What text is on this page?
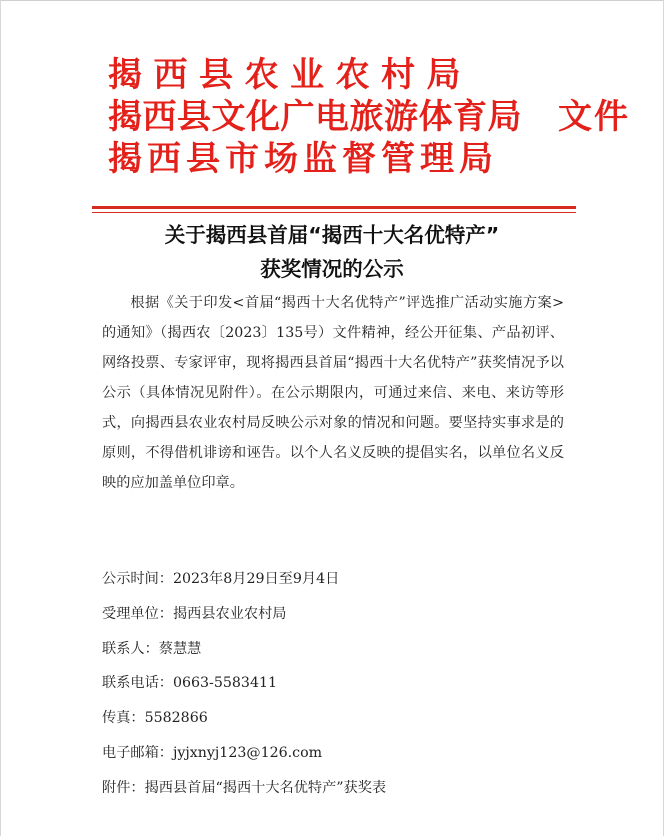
揭西县农业农村局
揭西县文化广电旅游体育局 文件
揭西县市场监督管理局
关于揭西县首届“揭西十大名优特产”
获奖情况的公示

根据《关于印发<首届“揭西十大名优特产”评选推广活动实施方案>的通知》（揭西农〔2023〕135号）文件精神，经公开征集、产品初评、网络投票、专家评审，现将揭西县首届“揭西十大名优特产”获奖情况予以公示（具体情况见附件）。在公示期限内，可通过来信、来电、来访等形式，向揭西县农业农村局反映公示对象的情况和问题。要坚持实事求是的原则，不得借机诽谤和诬告。以个人名义反映的提倡实名，以单位名义反映的应加盖单位印章。

公示时间：2023年8月29日至9月4日
受理单位：揭西县农业农村局
联系人：蔡慧慧
联系电话：0663-5583411
传真：5582866
电子邮箱：jyjxnyj123@126.com
附件：揭西县首届“揭西十大名优特产”获奖表
